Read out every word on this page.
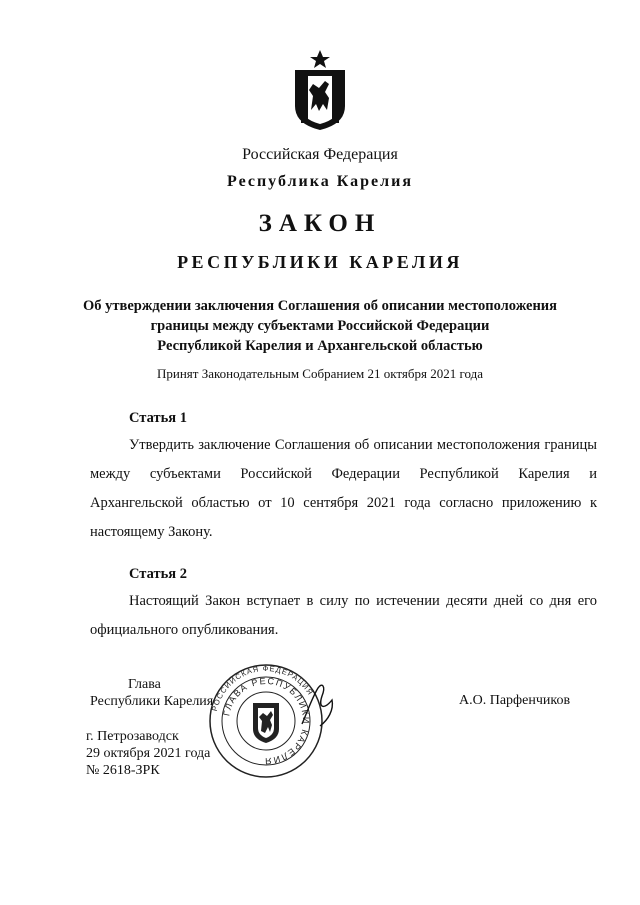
Российская Федерация
Республика Карелия
ЗАКОН
РЕСПУБЛИКИ КАРЕЛИЯ
Об утверждении заключения Соглашения об описании местоположения
границы между субъектами Российской Федерации
Республикой Карелия и Архангельской областью
Принят Законодательным Собранием 21 октября 2021 года
Статья 1
Утвердить заключение Соглашения об описании местоположения границы между субъектами Российской Федерации Республикой Карелия и Архангельской областью от 10 сентября 2021 года согласно приложению к настоящему Закону.
Статья 2
Настоящий Закон вступает в силу по истечении десяти дней со дня его официального опубликования.
РОССИЙСКАЯ ФЕДЕРАЦИЯ
ГЛАВА РЕСПУБЛИКИ КАРЕЛИЯ
Глава
Республики Карелия	А.О. Парфенчиков
г. Петрозаводск
29 октября 2021 года
№ 2618-ЗРК
